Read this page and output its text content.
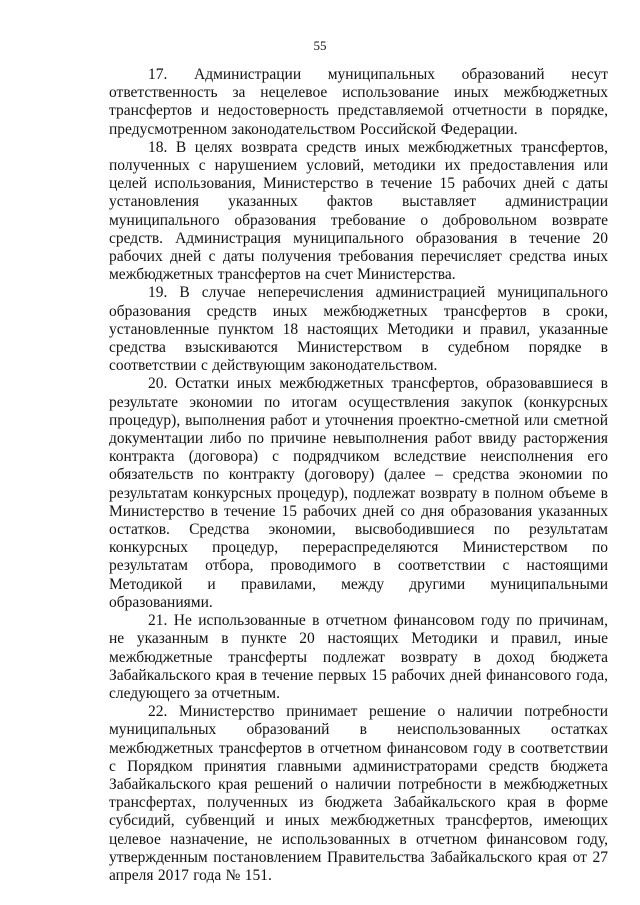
55

17. Администрации муниципальных образований несут ответственность за нецелевое использование иных межбюджетных трансфертов и недостоверность представляемой отчетности в порядке, предусмотренном законодательством Российской Федерации.

18. В целях возврата средств иных межбюджетных трансфертов, полученных с нарушением условий, методики их предоставления или целей использования, Министерство в течение 15 рабочих дней с даты установления указанных фактов выставляет администрации муниципального образования требование о добровольном возврате средств. Администрация муниципального образования в течение 20 рабочих дней с даты получения требования перечисляет средства иных межбюджетных трансфертов на счет Министерства.

19. В случае неперечисления администрацией муниципального образования средств иных межбюджетных трансфертов в сроки, установленные пунктом 18 настоящих Методики и правил, указанные средства взыскиваются Министерством в судебном порядке в соответствии с действующим законодательством.

20. Остатки иных межбюджетных трансфертов, образовавшиеся в результате экономии по итогам осуществления закупок (конкурсных процедур), выполнения работ и уточнения проектно-сметной или сметной документации либо по причине невыполнения работ ввиду расторжения контракта (договора) с подрядчиком вследствие неисполнения его обязательств по контракту (договору) (далее – средства экономии по результатам конкурсных процедур), подлежат возврату в полном объеме в Министерство в течение 15 рабочих дней со дня образования указанных остатков. Средства экономии, высвободившиеся по результатам конкурсных процедур, перераспределяются Министерством по результатам отбора, проводимого в соответствии с настоящими Методикой и правилами, между другими муниципальными образованиями.

21. Не использованные в отчетном финансовом году по причинам, не указанным в пункте 20 настоящих Методики и правил, иные межбюджетные трансферты подлежат возврату в доход бюджета Забайкальского края в течение первых 15 рабочих дней финансового года, следующего за отчетным.

22. Министерство принимает решение о наличии потребности муниципальных образований в неиспользованных остатках межбюджетных трансфертов в отчетном финансовом году в соответствии с Порядком принятия главными администраторами средств бюджета Забайкальского края решений о наличии потребности в межбюджетных трансфертах, полученных из бюджета Забайкальского края в форме субсидий, субвенций и иных межбюджетных трансфертов, имеющих целевое назначение, не использованных в отчетном финансовом году, утвержденным постановлением Правительства Забайкальского края от 27 апреля 2017 года № 151.
